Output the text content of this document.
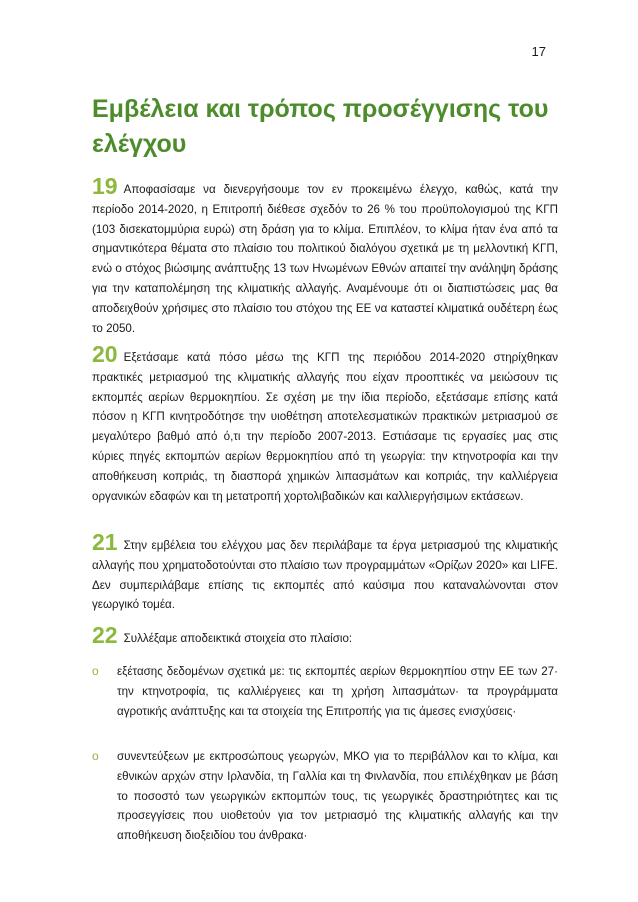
17
Εμβέλεια και τρόπος προσέγγισης του ελέγχου

19 Αποφασίσαμε να διενεργήσουμε τον εν προκειμένω έλεγχο, καθώς, κατά την περίοδο 2014-2020, η Επιτροπή διέθεσε σχεδόν το 26 % του προϋπολογισμού της ΚΓΠ (103 δισεκατομμύρια ευρώ) στη δράση για το κλίμα. Επιπλέον, το κλίμα ήταν ένα από τα σημαντικότερα θέματα στο πλαίσιο του πολιτικού διαλόγου σχετικά με τη μελλοντική ΚΓΠ, ενώ ο στόχος βιώσιμης ανάπτυξης 13 των Ηνωμένων Εθνών απαιτεί την ανάληψη δράσης για την καταπολέμηση της κλιματικής αλλαγής. Αναμένουμε ότι οι διαπιστώσεις μας θα αποδειχθούν χρήσιμες στο πλαίσιο του στόχου της ΕΕ να καταστεί κλιματικά ουδέτερη έως το 2050.

20 Εξετάσαμε κατά πόσο μέσω της ΚΓΠ της περιόδου 2014-2020 στηρίχθηκαν πρακτικές μετριασμού της κλιματικής αλλαγής που είχαν προοπτικές να μειώσουν τις εκπομπές αερίων θερμοκηπίου. Σε σχέση με την ίδια περίοδο, εξετάσαμε επίσης κατά πόσον η ΚΓΠ κινητροδότησε την υιοθέτηση αποτελεσματικών πρακτικών μετριασμού σε μεγαλύτερο βαθμό από ό,τι την περίοδο 2007-2013. Εστιάσαμε τις εργασίες μας στις κύριες πηγές εκπομπών αερίων θερμοκηπίου από τη γεωργία: την κτηνοτροφία και την αποθήκευση κοπριάς, τη διασπορά χημικών λιπασμάτων και κοπριάς, την καλλιέργεια οργανικών εδαφών και τη μετατροπή χορτολιβαδικών και καλλιεργήσιμων εκτάσεων.

21 Στην εμβέλεια του ελέγχου μας δεν περιλάβαμε τα έργα μετριασμού της κλιματικής αλλαγής που χρηματοδοτούνται στο πλαίσιο των προγραμμάτων «Ορίζων 2020» και LIFE. Δεν συμπεριλάβαμε επίσης τις εκπομπές από καύσιμα που καταναλώνονται στον γεωργικό τομέα.

22 Συλλέξαμε αποδεικτικά στοιχεία στο πλαίσιο:

o εξέτασης δεδομένων σχετικά με: τις εκπομπές αερίων θερμοκηπίου στην ΕΕ των 27· την κτηνοτροφία, τις καλλιέργειες και τη χρήση λιπασμάτων· τα προγράμματα αγροτικής ανάπτυξης και τα στοιχεία της Επιτροπής για τις άμεσες ενισχύσεις·

o συνεντεύξεων με εκπροσώπους γεωργών, ΜΚΟ για το περιβάλλον και το κλίμα, και εθνικών αρχών στην Ιρλανδία, τη Γαλλία και τη Φινλανδία, που επιλέχθηκαν με βάση το ποσοστό των γεωργικών εκπομπών τους, τις γεωργικές δραστηριότητες και τις προσεγγίσεις που υιοθετούν για τον μετριασμό της κλιματικής αλλαγής και την αποθήκευση διοξειδίου του άνθρακα·
